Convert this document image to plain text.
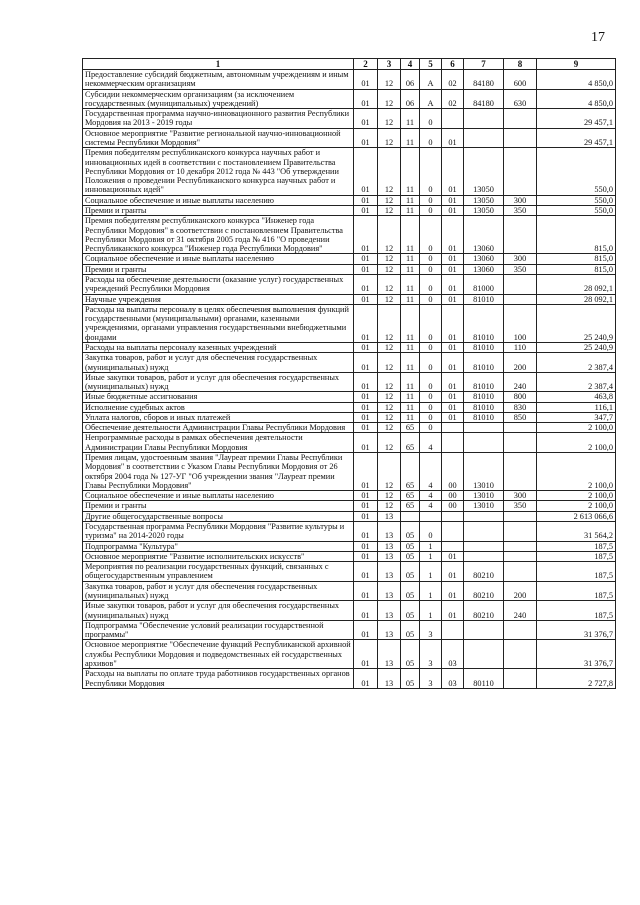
17
1	2	3	4	5	6	7	8	9
Предоставление субсидий бюджетным, автономным учреждениям и иным некоммерческим организациям	01	12	06	А	02	84180	600	4 850,0
Субсидии некоммерческим организациям (за исключением государственных (муниципальных) учреждений)	01	12	06	А	02	84180	630	4 850,0
Государственная программа научно-инновационного развития Республики Мордовия на 2013 - 2019 годы	01	12	11	0				29 457,1
Основное мероприятие "Развитие региональной научно-инновационной системы Республики Мордовия"	01	12	11	0	01			29 457,1
Премия победителям республиканского конкурса научных работ и инновационных идей в соответствии с постановлением Правительства Республики Мордовия от 10 декабря 2012 года № 443 "Об утверждении Положения о проведении Республиканского конкурса научных работ и инновационных идей"	01	12	11	0	01	13050		550,0
Социальное обеспечение и иные выплаты населению	01	12	11	0	01	13050	300	550,0
Премии и гранты	01	12	11	0	01	13050	350	550,0
Премия победителям республиканского конкурса "Инженер года Республики Мордовия" в соответствии с постановлением Правительства Республики Мордовия от 31 октября 2005 года № 416 "О проведении Республиканского конкурса "Инженер года Республики Мордовия"	01	12	11	0	01	13060		815,0
Социальное обеспечение и иные выплаты населению	01	12	11	0	01	13060	300	815,0
Премии и гранты	01	12	11	0	01	13060	350	815,0
Расходы на обеспечение деятельности (оказание услуг) государственных учреждений Республики Мордовия	01	12	11	0	01	81000		28 092,1
Научные учреждения	01	12	11	0	01	81010		28 092,1
Расходы на выплаты персоналу в целях обеспечения выполнения функций государственными (муниципальными) органами, казенными учреждениями, органами управления государственными внебюджетными фондами	01	12	11	0	01	81010	100	25 240,9
Расходы на выплаты персоналу казенных учреждений	01	12	11	0	01	81010	110	25 240,9
Закупка товаров, работ и услуг для обеспечения государственных (муниципальных) нужд	01	12	11	0	01	81010	200	2 387,4
Иные закупки товаров, работ и услуг для обеспечения государственных (муниципальных) нужд	01	12	11	0	01	81010	240	2 387,4
Иные бюджетные ассигнования	01	12	11	0	01	81010	800	463,8
Исполнение судебных актов	01	12	11	0	01	81010	830	116,1
Уплата налогов, сборов и иных платежей	01	12	11	0	01	81010	850	347,7
Обеспечение деятельности Администрации Главы Республики Мордовия	01	12	65	0				2 100,0
Непрограммные расходы в рамках обеспечения деятельности Администрации Главы Республики Мордовия	01	12	65	4				2 100,0
Премия лицам, удостоенным звания "Лауреат премии Главы Республики Мордовия" в соответствии с Указом Главы Республики Мордовия от 26 октября 2004 года № 127-УГ "Об учреждении звания "Лауреат премии Главы Республики Мордовия"	01	12	65	4	00	13010		2 100,0
Социальное обеспечение и иные выплаты населению	01	12	65	4	00	13010	300	2 100,0
Премии и гранты	01	12	65	4	00	13010	350	2 100,0
Другие общегосударственные вопросы	01	13						2 613 066,6
Государственная программа Республики Мордовия "Развитие культуры и туризма" на 2014-2020 годы	01	13	05	0				31 564,2
Подпрограмма "Культура"	01	13	05	1				187,5
Основное мероприятие "Развитие исполнительских искусств"	01	13	05	1	01			187,5
Мероприятия по реализации государственных функций, связанных с общегосударственным управлением	01	13	05	1	01	80210		187,5
Закупка товаров, работ и услуг для обеспечения государственных (муниципальных) нужд	01	13	05	1	01	80210	200	187,5
Иные закупки товаров, работ и услуг для обеспечения государственных (муниципальных) нужд	01	13	05	1	01	80210	240	187,5
Подпрограмма "Обеспечение условий реализации государственной программы"	01	13	05	3				31 376,7
Основное мероприятие "Обеспечение функций Республиканской архивной службы Республики Мордовия и подведомственных ей государственных архивов"	01	13	05	3	03			31 376,7
Расходы на выплаты по оплате труда работников государственных органов Республики Мордовия	01	13	05	3	03	80110		2 727,8
